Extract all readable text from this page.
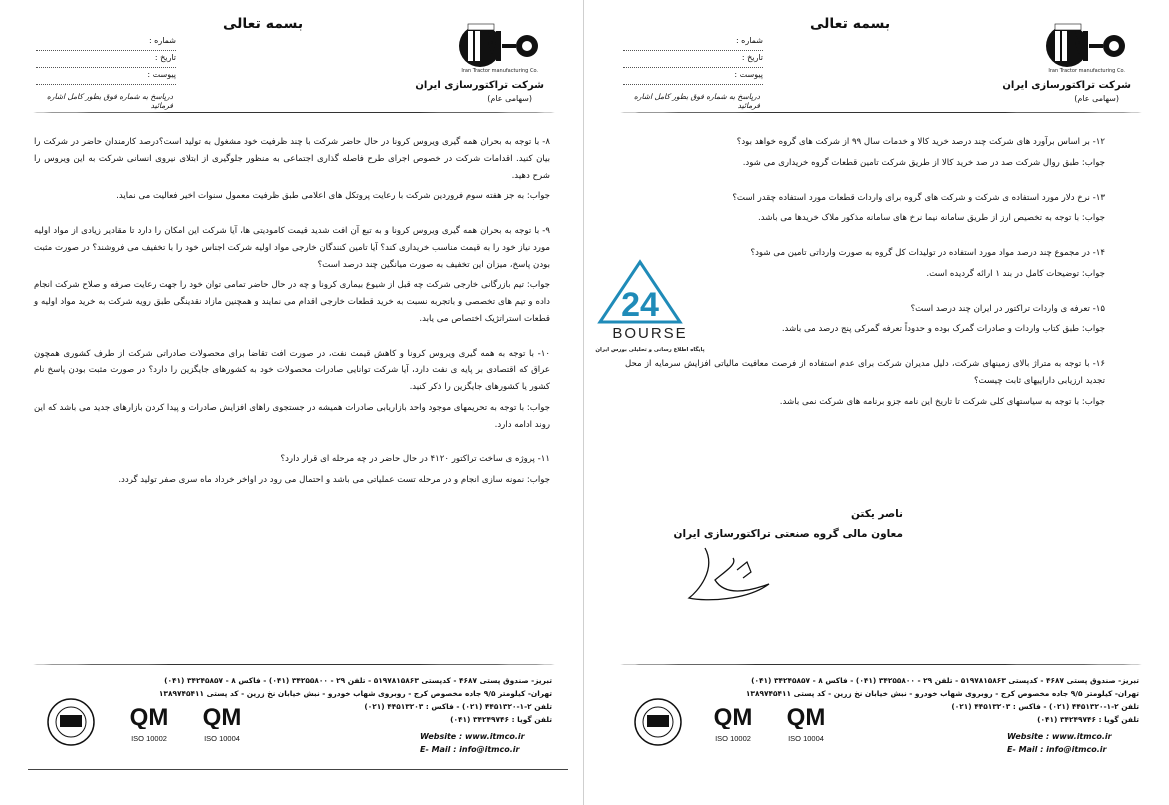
بسمه تعالی
شماره :
تاریخ :
پیوست :
درپاسخ به شماره فوق بطور کامل اشاره فرمائید
Iran Tractor manufacturing Co.
شرکت تراکتورسازی ایران
(سهامی عام)

۸- با توجه به بحران همه گیری ویروس کرونا در حال حاضر شرکت با چند ظرفیت خود مشغول به تولید است؟درصد کارمندان حاضر در شرکت را بیان کنید. اقدامات شرکت در خصوص اجرای طرح فاصله گذاری اجتماعی به منظور جلوگیری از ابتلای نیروی انسانی شرکت به این ویروس را شرح دهید.

جواب: به جز هفته سوم فروردین شرکت با رعایت پروتکل های اعلامی طبق ظرفیت معمول سنوات اخیر فعالیت می نماید.

۹- با توجه به بحران همه گیری ویروس کرونا و به تبع آن افت شدید قیمت کامودیتی ها، آیا شرکت این امکان را دارد تا مقادیر زیادی از مواد اولیه مورد نیاز خود را به قیمت مناسب خریداری کند؟ آیا تامین کنندگان خارجی مواد اولیه شرکت اجناس خود را با تخفیف می فروشند؟ در صورت مثبت بودن پاسخ، میزان این تخفیف به صورت میانگین چند درصد است؟

جواب: تیم بازرگانی خارجی شرکت چه قبل از شیوع بیماری کرونا و چه در حال حاضر تمامی توان خود را جهت رعایت صرفه و صلاح شرکت انجام داده و تیم های تخصصی و باتجربه نسبت به خرید قطعات خارجی اقدام می نمایند و همچنین مازاد نقدینگی طبق رویه شرکت به خرید مواد اولیه و قطعات استراتژیک اختصاص می یابد.

۱۰- با توجه به همه گیری ویروس کرونا و کاهش قیمت نفت، در صورت افت تقاضا برای محصولات صادراتی شرکت از طرف کشوری همچون عراق که اقتصادی بر پایه ی نفت دارد، آیا شرکت توانایی صادرات محصولات خود به کشورهای جایگزین را دارد؟ در صورت مثبت بودن پاسخ نام کشور یا کشورهای جایگزین را ذکر کنید.

جواب: با توجه به تحریمهای موجود واحد بازاریابی صادرات همیشه در جستجوی راهای افزایش صادرات و پیدا کردن بازارهای جدید می باشد که این روند ادامه دارد.

۱۱- پروژه ی ساخت تراکتور ۴۱۲۰ در حال حاضر در چه مرحله ای قرار دارد؟

جواب: نمونه سازی انجام و در مرحله تست عملیاتی می باشد و احتمال می رود در اواخر خرداد ماه سری صفر تولید گردد.

تبریز- صندوق پستی ۴۶۸۷ - کدپستی ۵۱۹۷۸۱۵۸۶۳ - تلفن ۲۹ - ۳۴۲۵۵۸۰۰ (۰۴۱) - فاکس ۸ - ۳۴۲۴۵۸۵۷ (۰۴۱)
تهران- کیلومتر ۹/۵ جاده مخصوص کرج - روبروی شهاب خودرو - نبش خیابان نخ زرین - کد پستی ۱۳۸۹۷۴۵۴۱۱
تلفن ۲-۱-۴۴۵۱۳۲۰ (۰۲۱) - فاکس : ۴۴۵۱۳۲۰۳ (۰۲۱)
تلفن گویا : ۳۴۲۴۹۷۴۶ (۰۴۱)
Website : www.itmco.ir
E- Mail : info@itmco.ir
QM
ISO 10002
QM
ISO 10004
بسمه تعالی
شماره :
تاریخ :
پیوست :
درپاسخ به شماره فوق بطور کامل اشاره فرمائید
Iran Tractor manufacturing Co.
شرکت تراکتورسازی ایران
(سهامی عام)

۱۲- بر اساس برآورد های شرکت چند درصد خرید کالا و خدمات سال ۹۹ از شرکت های گروه خواهد بود؟

جواب: طبق روال شرکت صد در صد خرید کالا از طریق شرکت تامین قطعات گروه خریداری می شود.

۱۳- نرخ دلار مورد استفاده ی شرکت و شرکت های گروه برای واردات قطعات مورد استفاده چقدر است؟

جواب: با توجه به تخصیص ارز از طریق سامانه نیما نرخ های سامانه مذکور ملاک خریدها می باشد.

۱۴- در مجموع چند درصد مواد مورد استفاده در تولیدات کل گروه به صورت وارداتی تامین می شود؟

جواب: توضیحات کامل در بند ۱ ارائه گردیده است.

۱۵- تعرفه ی واردات تراکتور در ایران چند درصد است؟

جواب: طبق کتاب واردات و صادرات گمرک بوده و حدوداً تعرفه گمرکی پنج درصد می باشد.

۱۶- با توجه به متراژ بالای زمینهای شرکت، دلیل مدیران شرکت برای عدم استفاده از فرصت معافیت مالیاتی افزایش سرمایه از محل تجدید ارزیابی داراییهای ثابت چیست؟

جواب: با توجه به سیاستهای کلی شرکت تا تاریخ این نامه جزو برنامه های شرکت نمی باشد.

ناصر یکتن
معاون مالی گروه صنعتی تراکتورسازی ایران
تبریز- صندوق پستی ۴۶۸۷ - کدپستی ۵۱۹۷۸۱۵۸۶۳ - تلفن ۲۹ - ۳۴۲۵۵۸۰۰ (۰۴۱) - فاکس ۸ - ۳۴۲۴۵۸۵۷ (۰۴۱)
تهران- کیلومتر ۹/۵ جاده مخصوص کرج - روبروی شهاب خودرو - نبش خیابان نخ زرین - کد پستی ۱۳۸۹۷۴۵۴۱۱
تلفن ۲-۱-۴۴۵۱۳۲۰ (۰۲۱) - فاکس : ۴۴۵۱۳۲۰۳ (۰۲۱)
تلفن گویا : ۳۴۲۴۹۷۴۶ (۰۴۱)
Website : www.itmco.ir
E- Mail : info@itmco.ir
QM
ISO 10002
QM
ISO 10004
24
BOURSE
پایگاه اطلاع رسانی و تحلیلی بورس ایران
